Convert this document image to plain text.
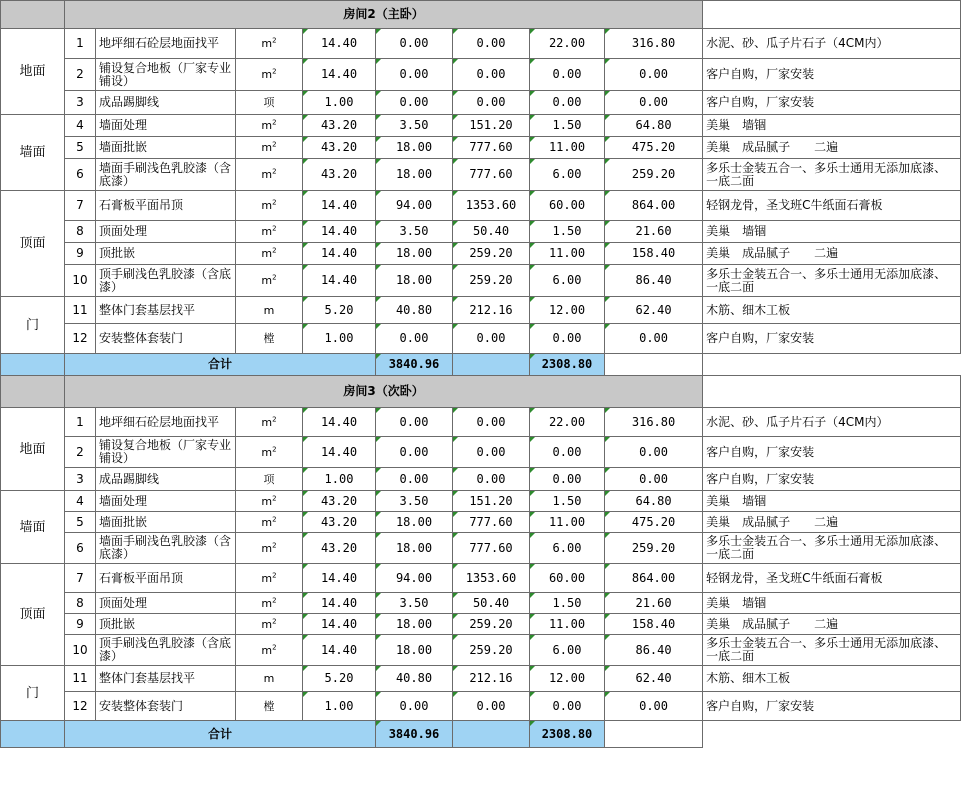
	房间2（主卧）								
地面	1	地坪细石砼层地面找平	$m^2$	14.40	0.00	0.00	22.00	316.80	水泥、砂、瓜子片石子（4CM内）
	2	铺设复合地板（厂家专业铺设）	$m^2$	14.40	0.00	0.00	0.00	0.00	客户自购，厂家安装
	3	成品踢脚线	项	1.00	0.00	0.00	0.00	0.00	客户自购，厂家安装
墙面	4	墙面处理	$m^2$	43.20	3.50	151.20	1.50	64.80	美巢　墙锢
	5	墙面批嵌	$m^2$	43.20	18.00	777.60	11.00	475.20	美巢　成品腻子　　二遍
	6	墙面手刷浅色乳胶漆（含底漆）	$m^2$	43.20	18.00	777.60	6.00	259.20	多乐士金装五合一、多乐士通用无添加底漆、一底二面
顶面	7	石膏板平面吊顶	$m^2$	14.40	94.00	1353.60	60.00	864.00	轻钢龙骨，圣戈班C牛纸面石膏板
	8	顶面处理	$m^2$	14.40	3.50	50.40	1.50	21.60	美巢　墙锢
	9	顶批嵌	$m^2$	14.40	18.00	259.20	11.00	158.40	美巢　成品腻子　　二遍
	10	顶手刷浅色乳胶漆（含底漆）	$m^2$	14.40	18.00	259.20	6.00	86.40	多乐士金装五合一、多乐士通用无添加底漆、一底二面
门	11	整体门套基层找平	m	5.20	40.80	212.16	12.00	62.40	木筋、细木工板
	12	安装整体套装门	樘	1.00	0.00	0.00	0.00	0.00	客户自购，厂家安装
	合计				3840.96		2308.80		
	房间3（次卧）								
地面	1	地坪细石砼层地面找平	$m^2$	14.40	0.00	0.00	22.00	316.80	水泥、砂、瓜子片石子（4CM内）
	2	铺设复合地板（厂家专业铺设）	$m^2$	14.40	0.00	0.00	0.00	0.00	客户自购，厂家安装
	3	成品踢脚线	项	1.00	0.00	0.00	0.00	0.00	客户自购，厂家安装
墙面	4	墙面处理	$m^2$	43.20	3.50	151.20	1.50	64.80	美巢　墙锢
	5	墙面批嵌	$m^2$	43.20	18.00	777.60	11.00	475.20	美巢　成品腻子　　二遍
	6	墙面手刷浅色乳胶漆（含底漆）	$m^2$	43.20	18.00	777.60	6.00	259.20	多乐士金装五合一、多乐士通用无添加底漆、一底二面
顶面	7	石膏板平面吊顶	$m^2$	14.40	94.00	1353.60	60.00	864.00	轻钢龙骨，圣戈班C牛纸面石膏板
	8	顶面处理	$m^2$	14.40	3.50	50.40	1.50	21.60	美巢　墙锢
	9	顶批嵌	$m^2$	14.40	18.00	259.20	11.00	158.40	美巢　成品腻子　　二遍
	10	顶手刷浅色乳胶漆（含底漆）	$m^2$	14.40	18.00	259.20	6.00	86.40	多乐士金装五合一、多乐士通用无添加底漆、一底二面
门	11	整体门套基层找平	m	5.20	40.80	212.16	12.00	62.40	木筋、细木工板
	12	安装整体套装门	樘	1.00	0.00	0.00	0.00	0.00	客户自购，厂家安装
	合计				3840.96		2308.80		
